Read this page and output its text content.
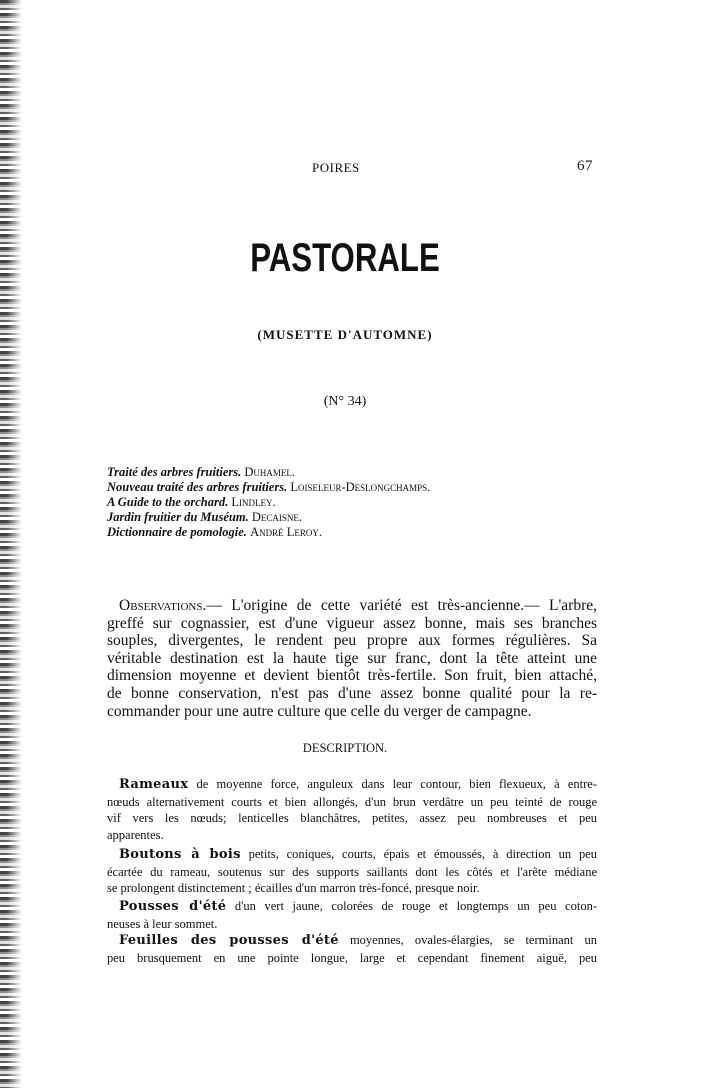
POIRES	67
PASTORALE
(MUSETTE D'AUTOMNE)
(N° 34)
Traité des arbres fruitiers. Duhamel.
Nouveau traité des arbres fruitiers. Loiseleur-Deslongchamps.
A Guide to the orchard. Lindley.
Jardin fruitier du Muséum. Decaisne.
Dictionnaire de pomologie. André Leroy.
Observations.— L'origine de cette variété est très-ancienne.— L'arbre,
greffé sur cognassier, est d'une vigueur assez bonne, mais ses branches
souples, divergentes, le rendent peu propre aux formes régulières. Sa
véritable destination est la haute tige sur franc, dont la tête atteint une
dimension moyenne et devient bientôt très-fertile. Son fruit, bien attaché,
de bonne conservation, n'est pas d'une assez bonne qualité pour la re-
commander pour une autre culture que celle du verger de campagne.
DESCRIPTION.
Rameaux de moyenne force, anguleux dans leur contour, bien flexueux, à entre-
nœuds alternativement courts et bien allongés, d'un brun verdâtre un peu teinté de rouge
vif vers les nœuds; lenticelles blanchâtres, petites, assez peu nombreuses et peu
apparentes.
Boutons à bois petits, coniques, courts, épais et émoussés, à direction un peu
écartée du rameau, soutenus sur des supports saillants dont les côtés et l'arête médiane
se prolongent distinctement ; écailles d'un marron très-foncé, presque noir.
Pousses d'été d'un vert jaune, colorées de rouge et longtemps un peu coton-
neuses à leur sommet.
Feuilles des pousses d'été moyennes, ovales-élargies, se terminant un
peu brusquement en une pointe longue, large et cependant finement aiguë, peu
